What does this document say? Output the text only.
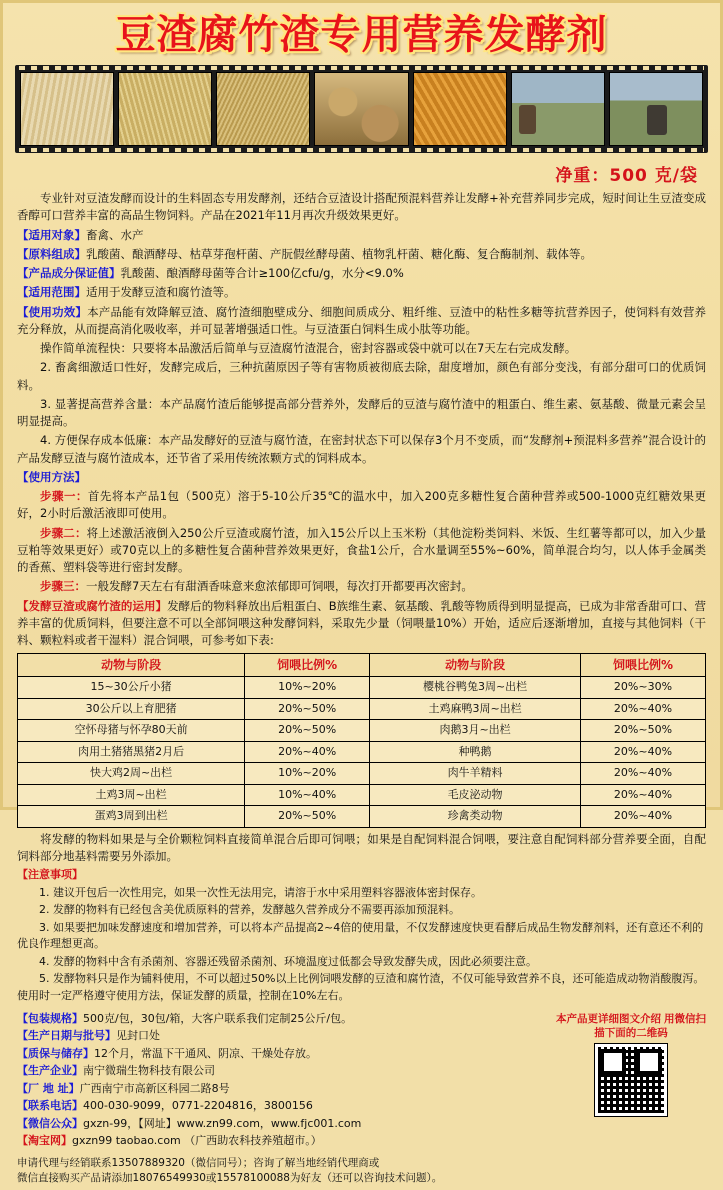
豆渣腐竹渣专用营养发酵剂
净重：500 克/袋
专业针对豆渣发酵而设计的生料固态专用发酵剂，还结合豆渣设计搭配预混料营养让发酵+补充营养同步完成，短时间让生豆渣变成香醇可口营养丰富的高品生物饲料。产品在2021年11月再次升级效果更好。
【适用对象】畜禽、水产
【原料组成】乳酸菌、酿酒酵母、枯草芽孢杆菌、产朊假丝酵母菌、植物乳杆菌、糖化酶、复合酶制剂、载体等。
【产品成分保证值】乳酸菌、酿酒酵母菌等合计≥100亿cfu/g，水分<9.0%
【适用范围】适用于发酵豆渣和腐竹渣等。
【使用功效】本产品能有效降解豆渣、腐竹渣细胞壁成分、细胞间质成分、粗纤维、豆渣中的粘性多糖等抗营养因子，使饲料有效营养充分释放，从而提高消化吸收率，并可显著增强适口性。与豆渣蛋白饲料生成小肽等功能。
操作简单流程快：只要将本品激活后简单与豆渣腐竹渣混合，密封容器或袋中就可以在7天左右完成发酵。
2. 畜禽细激适口性好，发酵完成后，三种抗菌原因子等有害物质被彻底去除，甜度增加，颜色有部分变浅，有部分甜可口的优质饲料。
3. 显著提高营养含量：本产品腐竹渣后能够提高部分营养外，发酵后的豆渣与腐竹渣中的粗蛋白、维生素、氨基酸、微量元素会呈明显提高。
4. 方便保存成本低廉：本产品发酵好的豆渣与腐竹渣，在密封状态下可以保存3个月不变质，而“发酵剂+预混料多营养”混合设计的产品发酵豆渣与腐竹渣成本，还节省了采用传统浓颗方式的饲料成本。
【使用方法】
步骤一：首先将本产品1包（500克）溶于5-10公斤35℃的温水中，加入200克多糖性复合菌种营养或500-1000克红糖效果更好，2小时后激活液即可使用。
步骤二：将上述激活液倒入250公斤豆渣或腐竹渣，加入15公斤以上玉米粉（其他淀粉类饲料、米饭、生红薯等都可以，加入少量豆粕等效果更好）或70克以上的多糖性复合菌种营养效果更好，食盐1公斤，合水量调至55%~60%，简单混合均匀，以人体手金属类的香蕉、塑料袋等进行密封发酵。
步骤三：一般发酵7天左右有甜酒香味意来愈浓郁即可饲喂，每次打开都要再次密封。
【发酵豆渣或腐竹渣的运用】发酵后的物料释放出后粗蛋白、B族维生素、氨基酸、乳酸等物质得到明显提高，已成为非常香甜可口、营养丰富的优质饲料，但要注意不可以全部饲喂这种发酵饲料，采取先少量（饲喂量10%）开始，适应后逐渐增加，直接与其他饲料（干料、颗粒料或者干湿料）混合饲喂，可参考如下表:
动物与阶段	饲喂比例%	动物与阶段	饲喂比例%
15~30公斤小猪	10%~20%	樱桃谷鸭兔3周~出栏	20%~30%
30公斤以上育肥猪	20%~50%	土鸡麻鸭3周~出栏	20%~40%
空怀母猪与怀孕80天前	20%~50%	肉鹅3月~出栏	20%~50%
肉用土猪猪黑猪2月后	20%~40%	种鸭鹅	20%~40%
快大鸡2周~出栏	10%~20%	肉牛羊精料	20%~40%
土鸡3周~出栏	10%~40%	毛皮泌动物	20%~40%
蛋鸡3周到出栏	20%~50%	珍禽类动物	20%~40%
将发酵的物料如果是与全价颗粒饲料直接简单混合后即可饲喂；如果是自配饲料混合饲喂，要注意自配饲料部分营养要全面，自配饲料部分地基料需要另外添加。
【注意事项】
1. 建议开包后一次性用完，如果一次性无法用完，请溶于水中采用塑料容器液体密封保存。
2. 发酵的物料有已经包含美优质原料的营养，发酵越久营养成分不需要再添加预混料。
3. 如果要把加味发酵速度和增加营养，可以将本产品提高2~4倍的使用量，不仅发酵速度快更看酵后成品生物发酵剂料，还有意还不利的优良作理想更高。
4. 发酵的物料中含有杀菌剂、容器还残留杀菌剂、环境温度过低都会导致发酵失成，因此必须要注意。
5. 发酵物料只是作为铺料使用，不可以超过50%以上比例饲喂发酵的豆渣和腐竹渣，不仅可能导致营养不良，还可能造成动物消酸腹泻。使用时一定严格遵守使用方法，保证发酵的质量，控制在10%左右。
【包装规格】500克/包，30包/箱，大客户联系我们定制25公斤/包。
【生产日期与批号】见封口处
【质保与储存】12个月，常温下干通风、阴凉、干燥处存放。
【生产企业】南宁微瑞生物科技有限公司
【厂 地 址】广西南宁市高新区科园二路8号
【联系电话】400-030-9099，0771-2204816，3800156
【微信公众】gxzn-99，【网址】www.zn99.com，www.fjc001.com
【淘宝网】gxzn99 taobao.com （广西助农科技养殖超市。）
本产品更详细图文介绍 用微信扫描下面的二维码
申请代理与经销联系13507889320（微信同号）；咨询了解当地经销代理商或
微信直接购买产品请添加18076549930或15578100088为好友（还可以咨询技术问题）。
